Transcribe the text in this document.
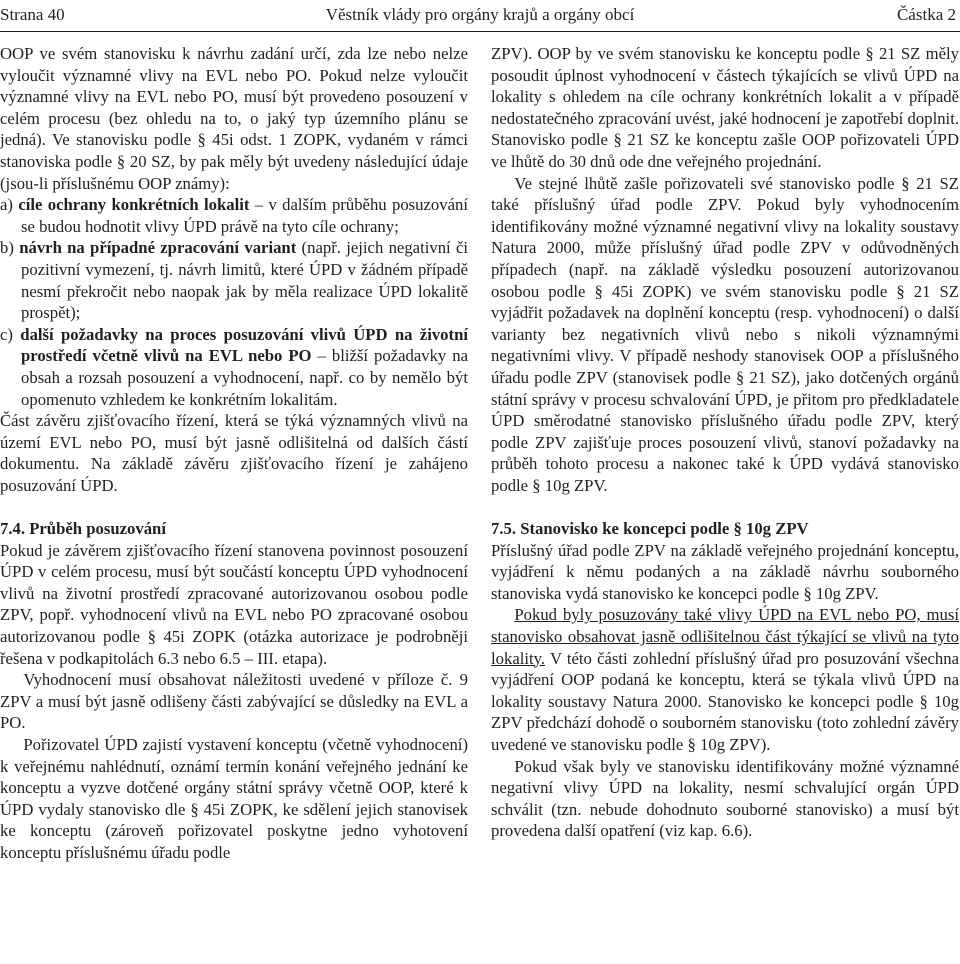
Strana 40	Věstník vlády pro orgány krajů a orgány obcí	Částka 2

OOP ve svém stanovisku k návrhu zadání určí, zda lze nebo nelze vyloučit významné vlivy na EVL nebo PO. Pokud nelze vyloučit významné vlivy na EVL nebo PO, musí být provedeno posouzení v celém procesu (bez ohledu na to, o jaký typ územního plánu se jedná). Ve stanovisku podle § 45i odst. 1 ZOPK, vydaném v rámci stanoviska podle § 20 SZ, by pak měly být uvedeny následující údaje (jsou-li příslušnému OOP známy):

a) cíle ochrany konkrétních lokalit – v dalším průběhu posuzování se budou hodnotit vlivy ÚPD právě na tyto cíle ochrany;

b) návrh na případné zpracování variant (např. jejich negativní či pozitivní vymezení, tj. návrh limitů, které ÚPD v žádném případě nesmí překročit nebo naopak jak by měla realizace ÚPD lokalitě prospět);

c) další požadavky na proces posuzování vlivů ÚPD na životní prostředí včetně vlivů na EVL nebo PO – bližší požadavky na obsah a rozsah posouzení a vyhodnocení, např. co by nemělo být opomenuto vzhledem ke konkrétním lokalitám.

Část závěru zjišťovacího řízení, která se týká významných vlivů na území EVL nebo PO, musí být jasně odlišitelná od dalších částí dokumentu. Na základě závěru zjišťovacího řízení je zahájeno posuzování ÚPD.

7.4. Průběh posuzování

Pokud je závěrem zjišťovacího řízení stanovena povinnost posouzení ÚPD v celém procesu, musí být součástí konceptu ÚPD vyhodnocení vlivů na životní prostředí zpracované autorizovanou osobou podle ZPV, popř. vyhodnocení vlivů na EVL nebo PO zpracované osobou autorizovanou podle § 45i ZOPK (otázka autorizace je podrobněji řešena v podkapitolách 6.3 nebo 6.5 – III. etapa).

Vyhodnocení musí obsahovat náležitosti uvedené v příloze č. 9 ZPV a musí být jasně odlišeny části zabývající se důsledky na EVL a PO.

Pořizovatel ÚPD zajistí vystavení konceptu (včetně vyhodnocení) k veřejnému nahlédnutí, oznámí termín konání veřejného jednání ke konceptu a vyzve dotčené orgány státní správy včetně OOP, které k ÚPD vydaly stanovisko dle § 45i ZOPK, ke sdělení jejich stanovisek ke konceptu (zároveň pořizovatel poskytne jedno vyhotovení konceptu příslušnému úřadu podle

ZPV). OOP by ve svém stanovisku ke konceptu podle § 21 SZ měly posoudit úplnost vyhodnocení v částech týkajících se vlivů ÚPD na lokality s ohledem na cíle ochrany konkrétních lokalit a v případě nedostatečného zpracování uvést, jaké hodnocení je zapotřebí doplnit. Stanovisko podle § 21 SZ ke konceptu zašle OOP pořizovateli ÚPD ve lhůtě do 30 dnů ode dne veřejného projednání.

Ve stejné lhůtě zašle pořizovateli své stanovisko podle § 21 SZ také příslušný úřad podle ZPV. Pokud byly vyhodnocením identifikovány možné významné negativní vlivy na lokality soustavy Natura 2000, může příslušný úřad podle ZPV v odůvodněných případech (např. na základě výsledku posouzení autorizovanou osobou podle § 45i ZOPK) ve svém stanovisku podle § 21 SZ vyjádřit požadavek na doplnění konceptu (resp. vyhodnocení) o další varianty bez negativních vlivů nebo s nikoli významnými negativními vlivy. V případě neshody stanovisek OOP a příslušného úřadu podle ZPV (stanovisek podle § 21 SZ), jako dotčených orgánů státní správy v procesu schvalování ÚPD, je přitom pro předkladatele ÚPD směrodatné stanovisko příslušného úřadu podle ZPV, který podle ZPV zajišťuje proces posouzení vlivů, stanoví požadavky na průběh tohoto procesu a nakonec také k ÚPD vydává stanovisko podle § 10g ZPV.

7.5. Stanovisko ke koncepci podle § 10g ZPV

Příslušný úřad podle ZPV na základě veřejného projednání konceptu, vyjádření k němu podaných a na základě návrhu souborného stanoviska vydá stanovisko ke koncepci podle § 10g ZPV.

Pokud byly posuzovány také vlivy ÚPD na EVL nebo PO, musí stanovisko obsahovat jasně odlišitelnou část týkající se vlivů na tyto lokality. V této části zohlední příslušný úřad pro posuzování všechna vyjádření OOP podaná ke konceptu, která se týkala vlivů ÚPD na lokality soustavy Natura 2000. Stanovisko ke koncepci podle § 10g ZPV předchází dohodě o souborném stanovisku (toto zohlední závěry uvedené ve stanovisku podle § 10g ZPV).

Pokud však byly ve stanovisku identifikovány možné významné negativní vlivy ÚPD na lokality, nesmí schvalující orgán ÚPD schválit (tzn. nebude dohodnuto souborné stanovisko) a musí být provedena další opatření (viz kap. 6.6).
